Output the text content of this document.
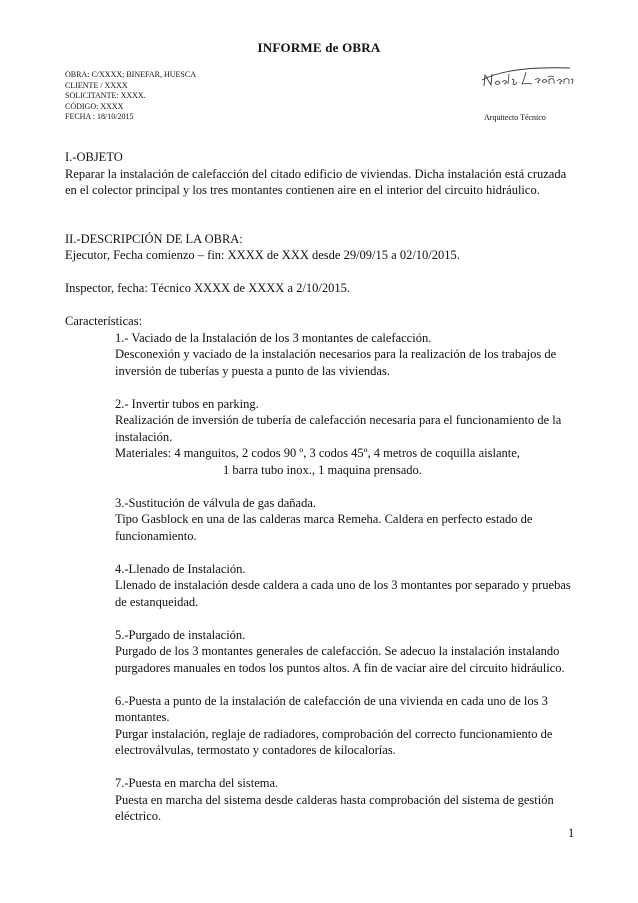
INFORME de OBRA
OBRA: C/XXXX; BINEFAR, HUESCA
CLIENTE / XXXX
SOLICITANTE: XXXX.
CÓDIGO: XXXX
FECHA : 18/10/2015	Arquitecto Técnico

I.-OBJETO

Reparar la instalación de calefacción del citado edificio de viviendas. Dicha instalación está cruzada en el colector principal y los tres montantes contienen aire en el interior del circuito hidráulico.

II.-DESCRIPCIÓN DE LA OBRA:

Ejecutor, Fecha comienzo – fin: XXXX de XXX desde 29/09/15 a 02/10/2015.

Inspector, fecha: Técnico XXXX de XXXX a 2/10/2015.

Características:

1.- Vaciado de la Instalación de los 3 montantes de calefacción.

Desconexión y vaciado de la instalación necesarios para la realización de los trabajos de inversión de tuberías y puesta a punto de las viviendas.

2.- Invertir tubos en parking.

Realización de inversión de tubería de calefacción necesaria para el funcionamiento de la instalación.

Materiales: 4 manguitos, 2 codos 90 º, 3 codos 45º, 4 metros de coquilla aislante,

1 barra tubo inox., 1 maquina prensado.

3.-Sustitución de válvula de gas dañada.

Tipo Gasblock en una de las calderas marca Remeha. Caldera en perfecto estado de funcionamiento.

4.-Llenado de Instalación.

Llenado de instalación desde caldera a cada uno de los 3 montantes por separado y pruebas de estanqueidad.

5.-Purgado de instalación.

Purgado de los 3 montantes generales de calefacción. Se adecuo la instalación instalando purgadores manuales en todos los puntos altos. A fin de vaciar aire del circuito hidráulico.

6.-Puesta a punto de la instalación de calefacción de una vivienda en cada uno de los 3 montantes.

Purgar instalación, reglaje de radiadores, comprobación del correcto funcionamiento de electroválvulas, termostato y contadores de kilocalorías.

7.-Puesta en marcha del sistema.

Puesta en marcha del sistema desde calderas hasta comprobación del sistema de gestión eléctrico.

1
